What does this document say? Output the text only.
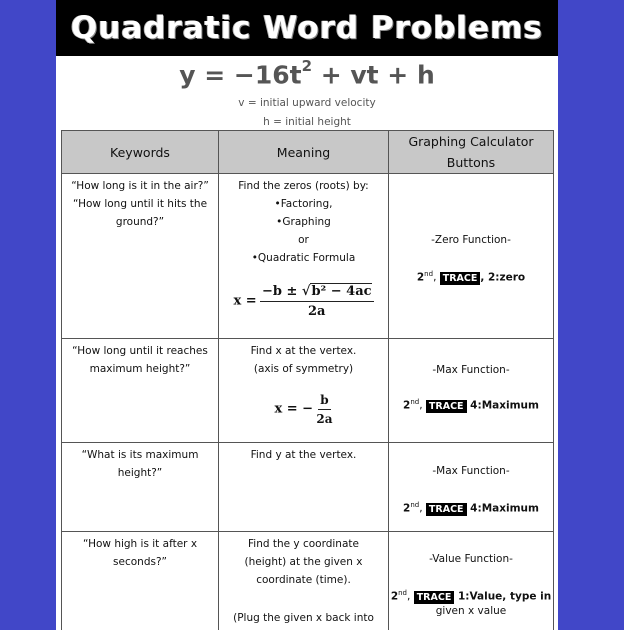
Quadratic Word Problems
$y = -16t^2$ + vt + h
v = initial upward velocity
h = initial height
Keywords	Meaning
Graphing Calculator
Buttons
“How long is it in the air?”
“How long until it hits the
ground?”
Find the zeros (roots) by:
•Factoring,
•Graphing
or
•Quadratic Formula
$x = \frac{\text{−b ± √b² − 4ac}}{2a}$
-Zero Function-
2nd, TRACE , 2:zero
“How long until it reaches
maximum height?”
Find x at the vertex.
(axis of symmetry)
x = − $\frac{b}{2a}$
-Max Function-
2nd, TRACE 4:Maximum
“What is its maximum
height?”
Find y at the vertex.
-Max Function-
2nd, TRACE 4:Maximum
“How high is it after x
seconds?”
Find the y coordinate
(height) at the given x
coordinate (time).
(Plug the given x back into
-Value Function-
2nd, TRACE 1:Value, type in
given x value
